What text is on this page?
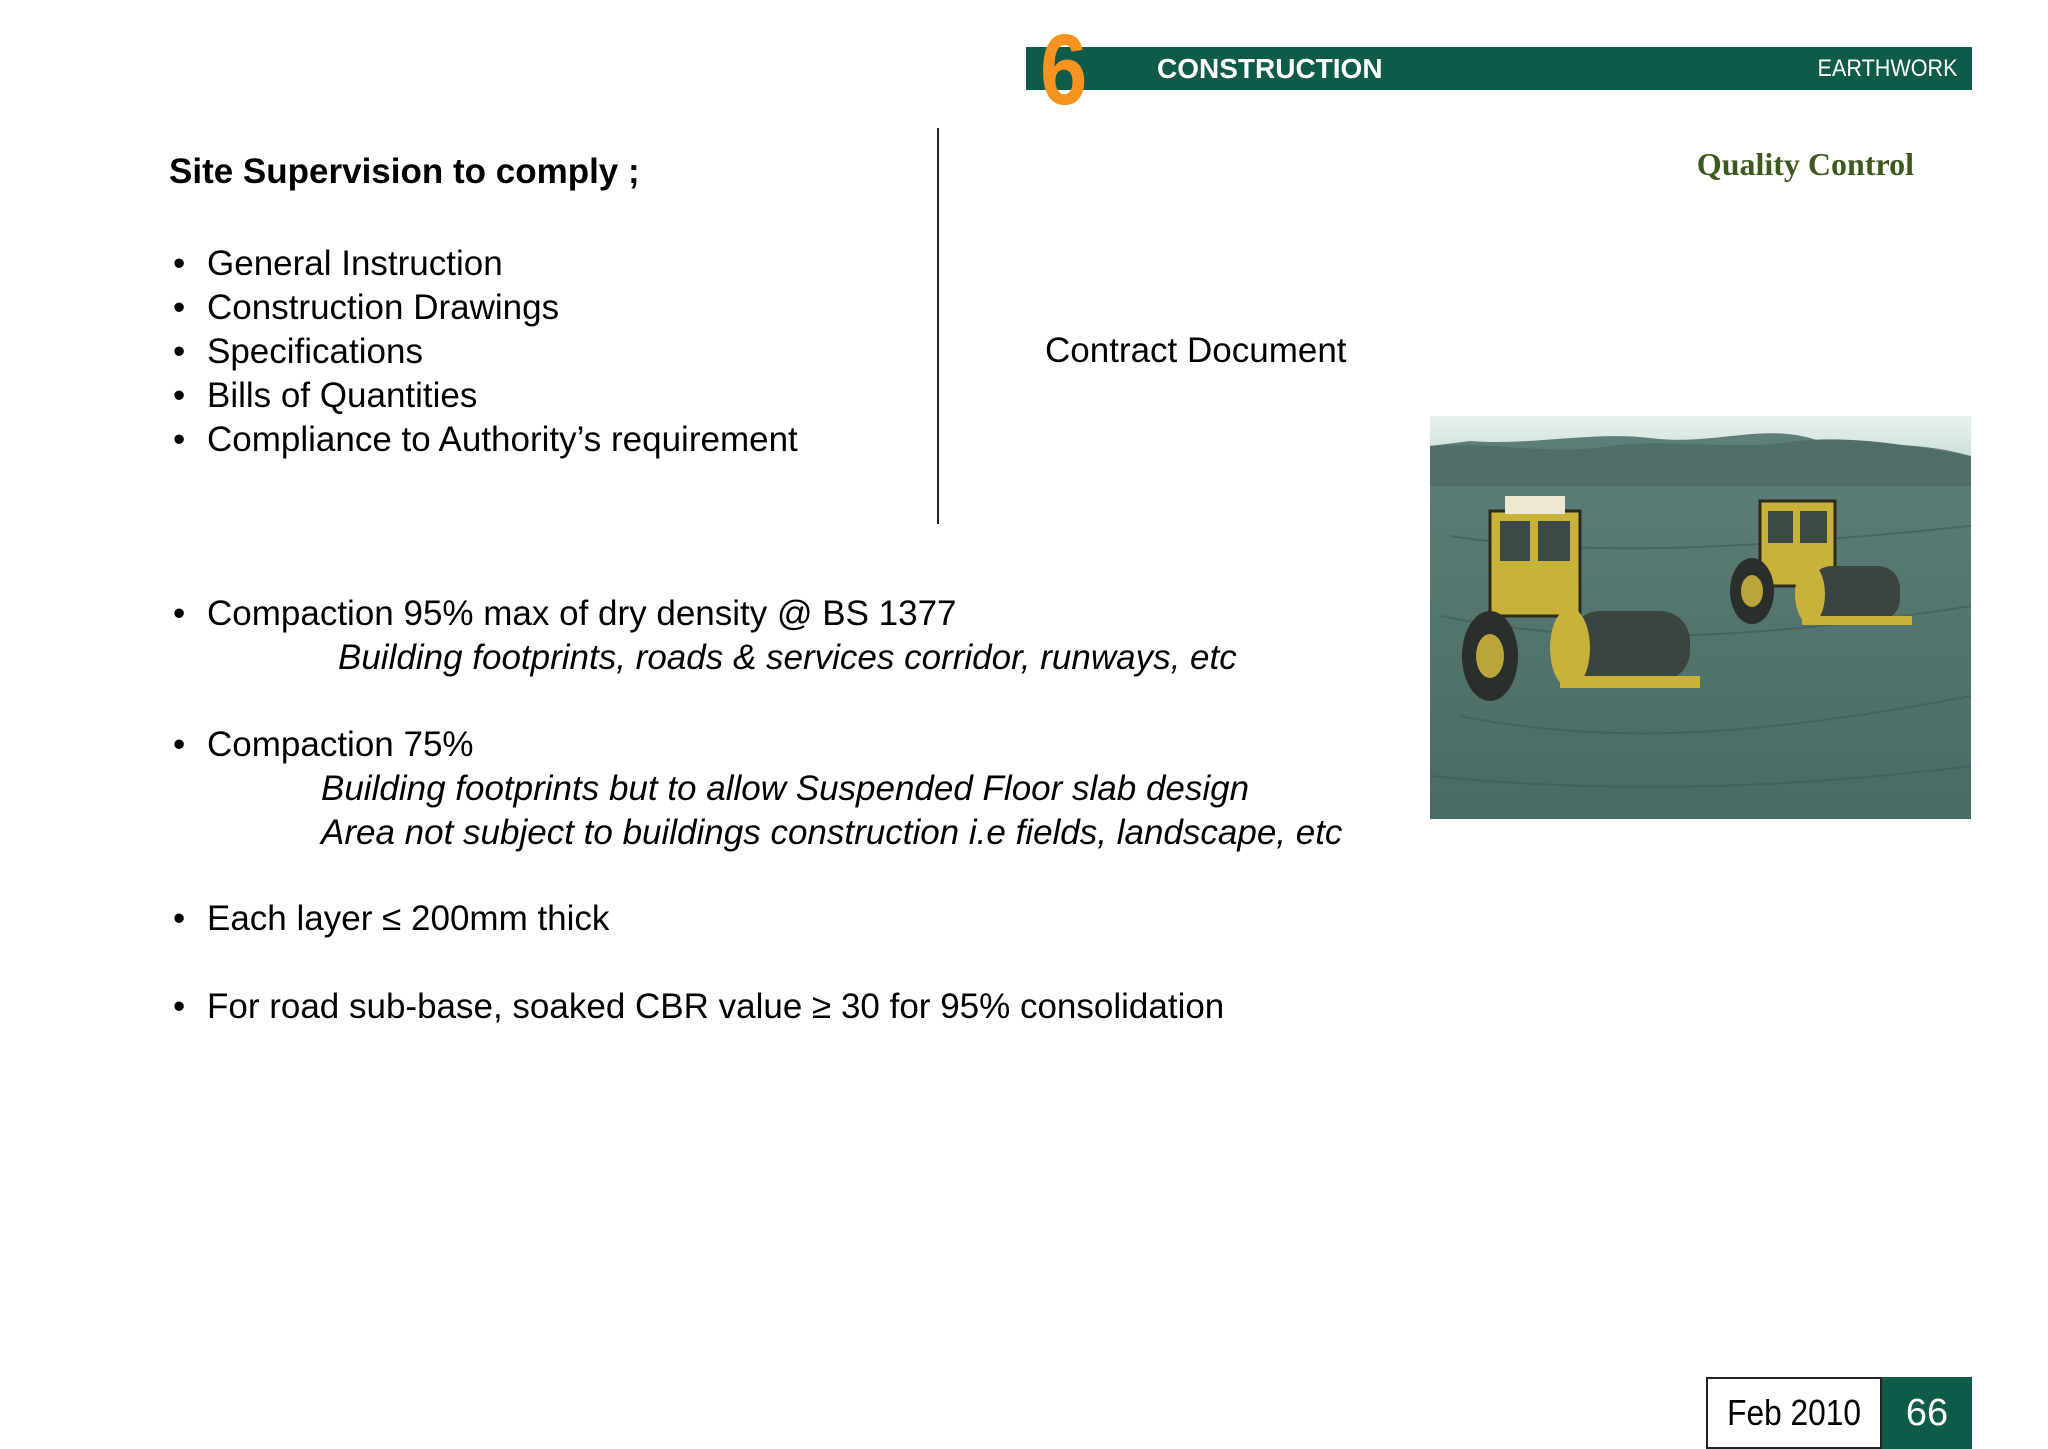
6 CONSTRUCTION	EARTHWORK
Quality Control
Site Supervision to comply ;
• General Instruction
• Construction Drawings
• Specifications
• Bills of Quantities
• Compliance to Authority’s requirement
Contract Document
• Compaction 95% max of dry density @ BS 1377
Building footprints, roads & services corridor, runways, etc
• Compaction 75%
Building footprints but to allow Suspended Floor slab design
Area not subject to buildings construction i.e fields, landscape, etc
• Each layer ≤ 200mm thick
• For road sub-base, soaked CBR value ≥ 30 for 95% consolidation
Feb 2010	66
